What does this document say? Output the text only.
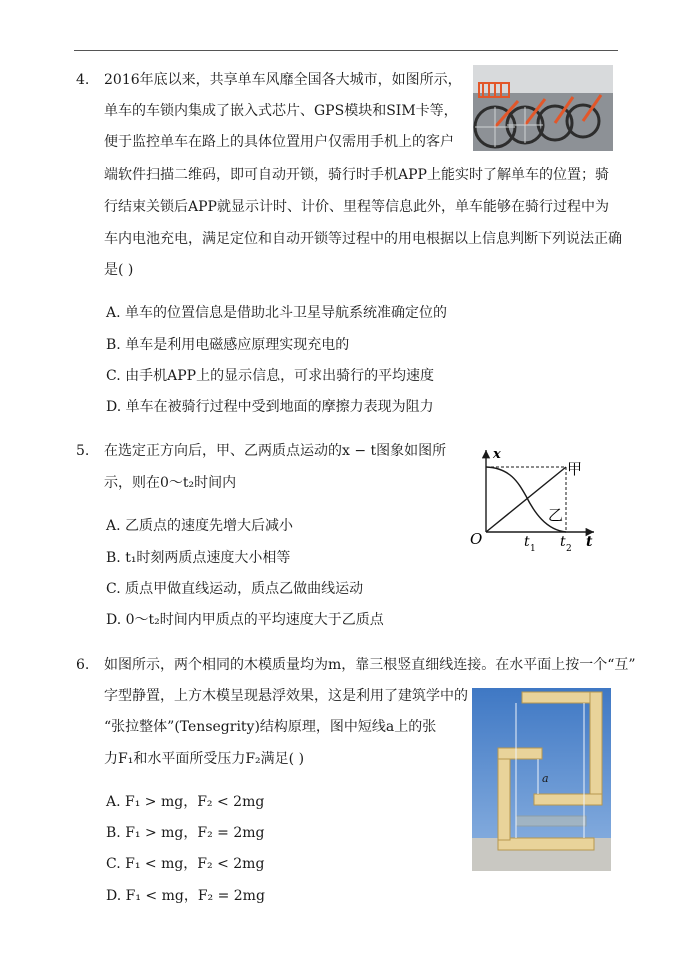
4. 2016年底以来，共享单车风靡全国各大城市，如图所示，
单车的车锁内集成了嵌入式芯片、GPS模块和SIM卡等，
便于监控单车在路上的具体位置用户仅需用手机上的客户
端软件扫描二维码，即可自动开锁，骑行时手机APP上能实时了解单车的位置；骑
行结束关锁后APP就显示计时、计价、里程等信息此外，单车能够在骑行过程中为
车内电池充电，满足定位和自动开锁等过程中的用电根据以上信息判断下列说法正确
是( )
A. 单车的位置信息是借助北斗卫星导航系统准确定位的
B. 单车是利用电磁感应原理实现充电的
C. 由手机APP上的显示信息，可求出骑行的平均速度
D. 单车在被骑行过程中受到地面的摩擦力表现为阻力
5. 在选定正方向后，甲、乙两质点运动的x − t图象如图所
示，则在0～t₂时间内
x
t
O
甲
乙
t 1 t 2
A. 乙质点的速度先增大后减小
B. t₁时刻两质点速度大小相等
C. 质点甲做直线运动，质点乙做曲线运动
D. 0～t₂时间内甲质点的平均速度大于乙质点
6. 如图所示，两个相同的木模质量均为m，靠三根竖直细线连接。在水平面上按一个“互”
字型静置，上方木模呈现悬浮效果，这是利用了建筑学中的
“张拉整体”(Tensegrity)结构原理，图中短线a上的张
力F₁和水平面所受压力F₂满足( )
a
A. F₁ > mg，F₂ < 2mg
B. F₁ > mg，F₂ = 2mg
C. F₁ < mg，F₂ < 2mg
D. F₁ < mg，F₂ = 2mg
